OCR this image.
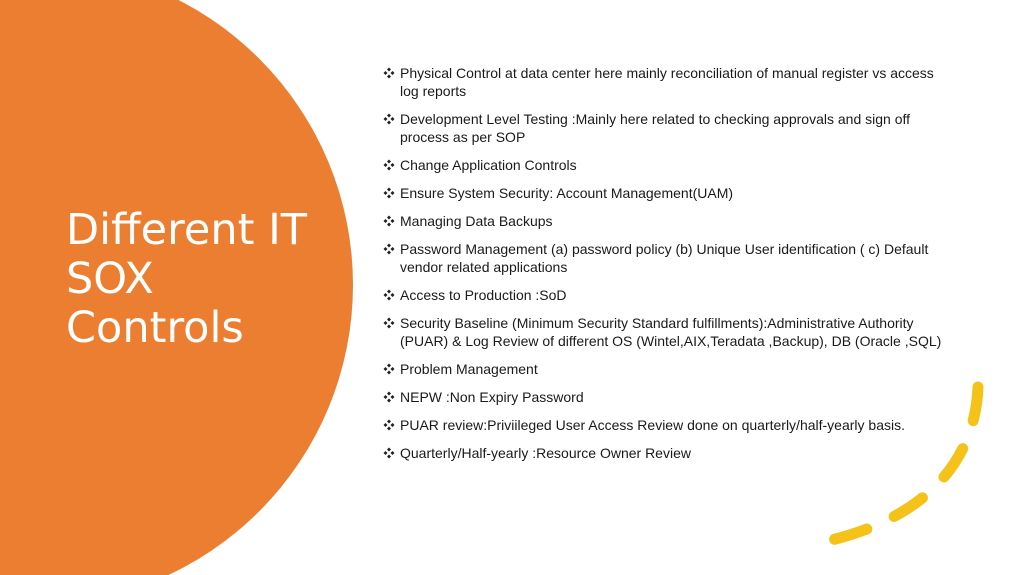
Different IT
SOX
Controls
Physical Control at data center here mainly reconciliation of manual register vs access log reports
Development Level Testing :Mainly here related to checking approvals and sign off process as per SOP
Change Application Controls
Ensure System Security: Account Management(UAM)
Managing Data Backups
Password Management (a) password policy (b) Unique User identification ( c) Default vendor related applications
Access to Production :SoD
Security Baseline (Minimum Security Standard fulfillments):Administrative Authority (PUAR) & Log Review of different OS (Wintel,AIX,Teradata ,Backup), DB (Oracle ,SQL)
Problem Management
NEPW :Non Expiry Password
PUAR review:Priviileged User Access Review done on quarterly/half-yearly basis.
Quarterly/Half-yearly :Resource Owner Review
